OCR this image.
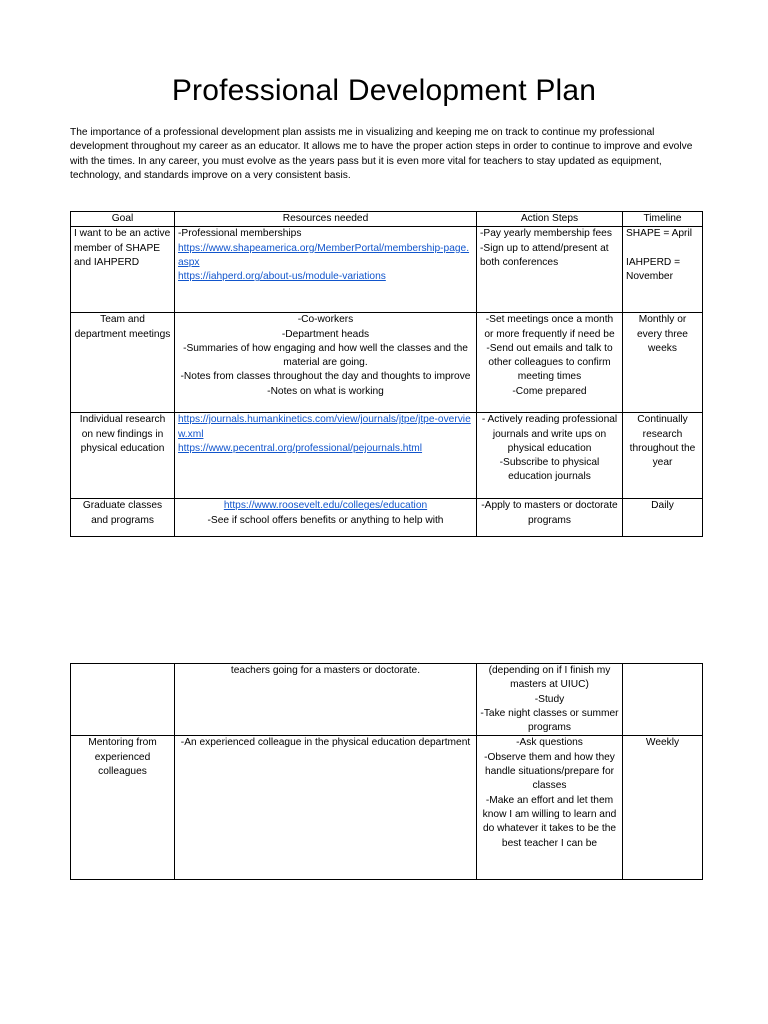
Professional Development Plan

The importance of a professional development plan assists me in visualizing and keeping me on track to continue my professional development throughout my career as an educator. It allows me to have the proper action steps in order to continue to improve and evolve with the times. In any career, you must evolve as the years pass but it is even more vital for teachers to stay updated as equipment, technology, and standards improve on a very consistent basis.

Goal	Resources needed	Action Steps	Timeline
I want to be an active member of SHAPE and IAHPERD	-Professional memberships
https://www.shapeamerica.org/MemberPortal/membership-page.aspx
https://iahperd.org/about-us/module-variations	-Pay yearly membership fees
-Sign up to attend/present at both conferences	SHAPE = April
IAHPERD = November

Team and department meetings	-Co-workers
-Department heads
-Summaries of how engaging and how well the classes and the material are going.
-Notes from classes throughout the day and thoughts to improve
-Notes on what is working	-Set meetings once a month or more frequently if need be
-Send out emails and talk to other colleagues to confirm meeting times
-Come prepared	Monthly or every three weeks
Individual research on new findings in physical education	https://journals.humankinetics.com/view/journals/jtpe/jtpe-overview.xml
https://www.pecentral.org/professional/pejournals.html	- Actively reading professional journals and write ups on physical education
-Subscribe to physical education journals	Continually research throughout the year
Graduate classes and programs	https://www.roosevelt.edu/colleges/education
-See if school offers benefits or anything to help with	-Apply to masters or doctorate programs	Daily
	teachers going for a masters or doctorate.	(depending on if I finish my masters at UIUC)
-Study
-Take night classes or summer programs	

Mentoring from experienced colleagues	-An experienced colleague in the physical education department	-Ask questions
-Observe them and how they handle situations/prepare for classes
-Make an effort and let them know I am willing to learn and do whatever it takes to be the best teacher I can be	Weekly
